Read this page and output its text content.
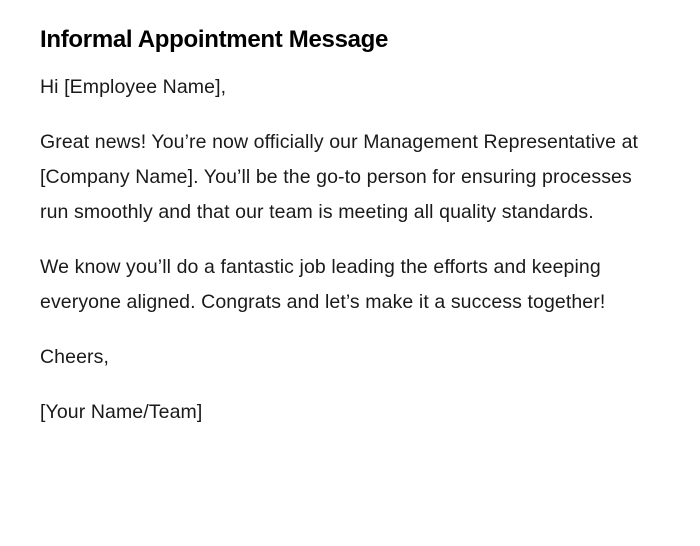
Informal Appointment Message

Hi [Employee Name],

Great news! You’re now officially our Management Representative at [Company Name]. You’ll be the go-to person for ensuring processes run smoothly and that our team is meeting all quality standards.

We know you’ll do a fantastic job leading the efforts and keeping everyone aligned. Congrats and let’s make it a success together!

Cheers,

[Your Name/Team]
